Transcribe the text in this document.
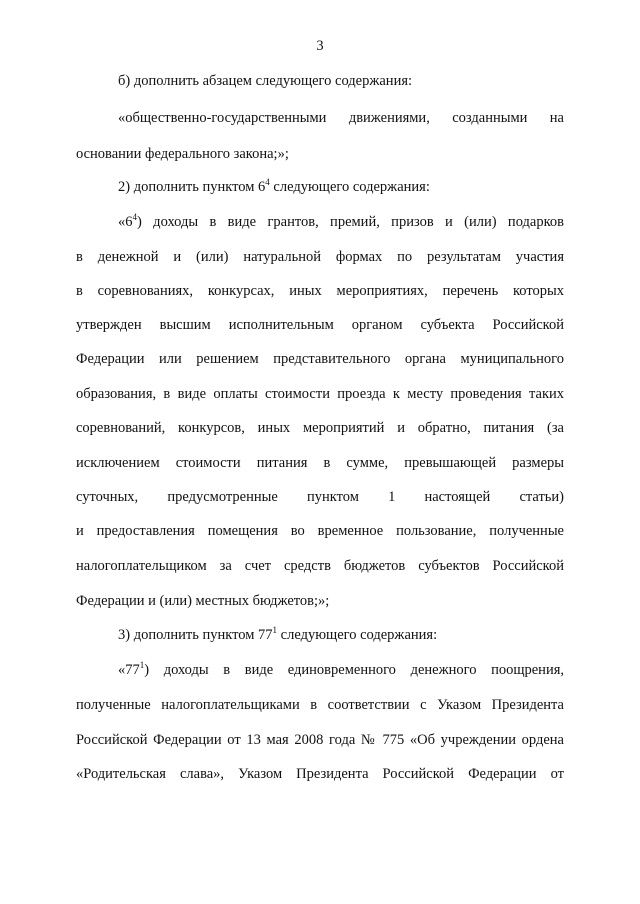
3
б) дополнить абзацем следующего содержания:
«общественно-государственными движениями, созданными на
основании федерального закона;»;
2) дополнить пунктом $6^4$ следующего содержания:
«$6^4$) доходы в виде грантов, премий, призов и (или) подарков
в денежной и (или) натуральной формах по результатам участия
в соревнованиях, конкурсах, иных мероприятиях, перечень которых
утвержден высшим исполнительным органом субъекта Российской
Федерации или решением представительного органа муниципального
образования, в виде оплаты стоимости проезда к месту проведения таких
соревнований, конкурсов, иных мероприятий и обратно, питания (за
исключением стоимости питания в сумме, превышающей размеры
суточных, предусмотренные пунктом 1 настоящей статьи)
и предоставления помещения во временное пользование, полученные
налогоплательщиком за счет средств бюджетов субъектов Российской
Федерации и (или) местных бюджетов;»;
3) дополнить пунктом $77^1$ следующего содержания:
«$77^1$) доходы в виде единовременного денежного поощрения,
полученные налогоплательщиками в соответствии с Указом Президента
Российской Федерации от 13 мая 2008 года № 775 «Об учреждении ордена
«Родительская слава», Указом Президента Российской Федерации от
